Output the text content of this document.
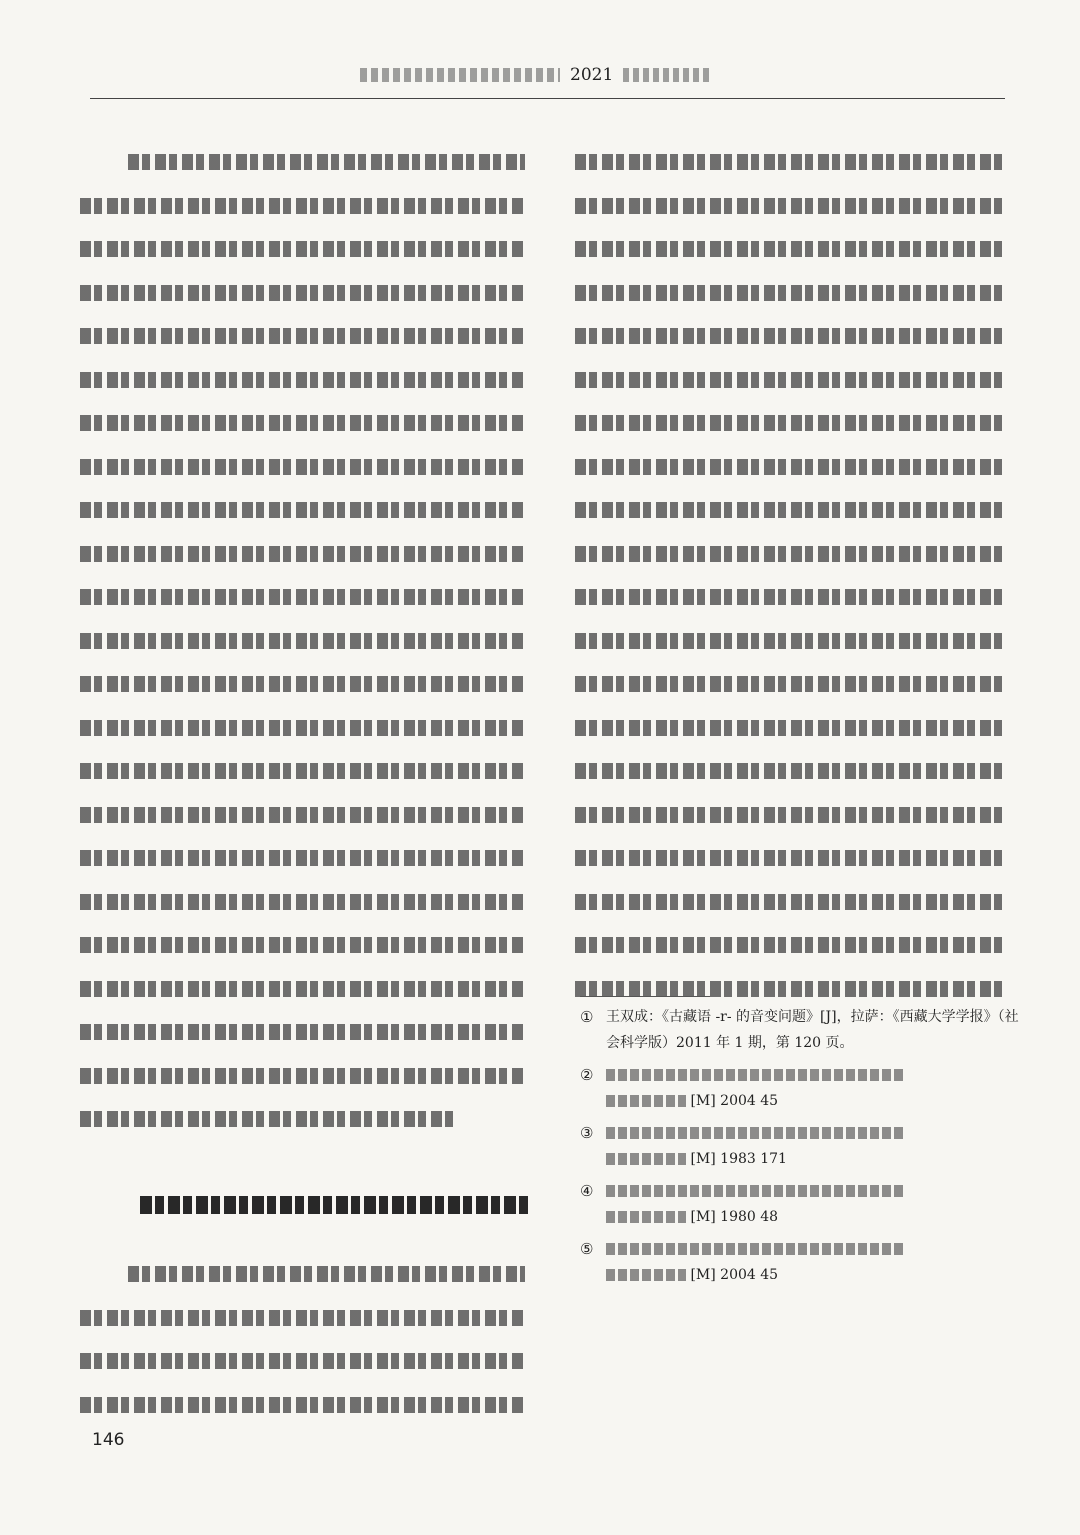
2021
① 王双成：《古藏语 -r- 的音变问题》[J]，拉萨：《西藏大学学报》（社会科学版）2011 年 1 期，第 120 页。
②

[M] 2004 45
③

[M] 1983 171
④

[M] 1980 48
⑤

[M] 2004 45
146
